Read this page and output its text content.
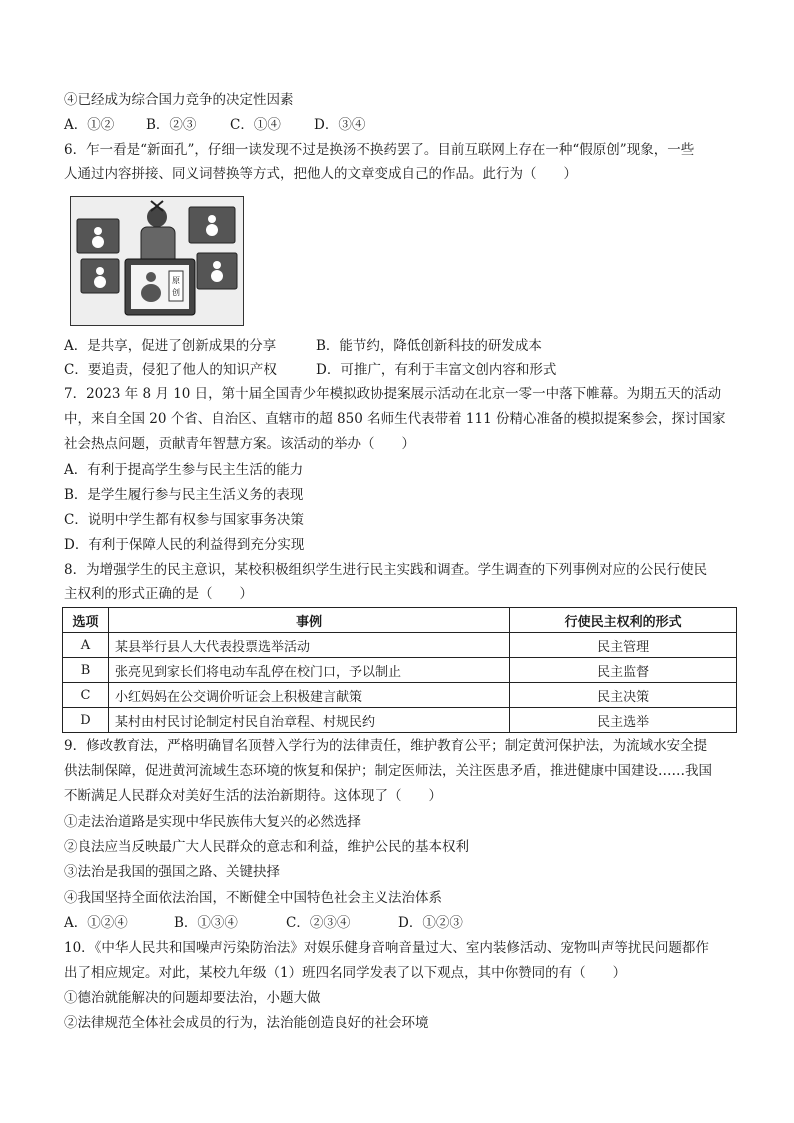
④已经成为综合国力竞争的决定性因素
A．①② B．②③ C．①④ D．③④
6．乍一看是“新面孔”，仔细一读发现不过是换汤不换药罢了。目前互联网上存在一种“假原创”现象，一些
人通过内容拼接、同义词替换等方式，把他人的文章变成自己的作品。此行为（　　）
原
创
A．是共享，促进了创新成果的分享	B．能节约，降低创新科技的研发成本
C．要追责，侵犯了他人的知识产权	D．可推广，有利于丰富文创内容和形式
7．2023 年 8 月 10 日，第十届全国青少年模拟政协提案展示活动在北京一零一中落下帷幕。为期五天的活动
中，来自全国 20 个省、自治区、直辖市的超 850 名师生代表带着 111 份精心准备的模拟提案参会，探讨国家
社会热点问题，贡献青年智慧方案。该活动的举办（　　）
A．有利于提高学生参与民主生活的能力
B．是学生履行参与民主生活义务的表现
C．说明中学生都有权参与国家事务决策
D．有利于保障人民的利益得到充分实现
8．为增强学生的民主意识，某校积极组织学生进行民主实践和调查。学生调查的下列事例对应的公民行使民
主权利的形式正确的是（　　）
选项	事例	行使民主权利的形式
A	某县举行县人大代表投票选举活动	民主管理
B	张亮见到家长们将电动车乱停在校门口，予以制止	民主监督
C	小红妈妈在公交调价听证会上积极建言献策	民主决策
D	某村由村民讨论制定村民自治章程、村规民约	民主选举
9．修改教育法，严格明确冒名顶替入学行为的法律责任，维护教育公平；制定黄河保护法，为流域水安全提
供法制保障，促进黄河流域生态环境的恢复和保护；制定医师法，关注医患矛盾，推进健康中国建设……我国
不断满足人民群众对美好生活的法治新期待。这体现了（　　）
①走法治道路是实现中华民族伟大复兴的必然选择
②良法应当反映最广大人民群众的意志和利益，维护公民的基本权利
③法治是我国的强国之路、关键抉择
④我国坚持全面依法治国，不断健全中国特色社会主义法治体系
A．①②④	B．①③④	C．②③④	D．①②③
10．《中华人民共和国噪声污染防治法》对娱乐健身音响音量过大、室内装修活动、宠物叫声等扰民问题都作
出了相应规定。对此，某校九年级（1）班四名同学发表了以下观点，其中你赞同的有（　　）
①德治就能解决的问题却要法治，小题大做
②法律规范全体社会成员的行为，法治能创造良好的社会环境
